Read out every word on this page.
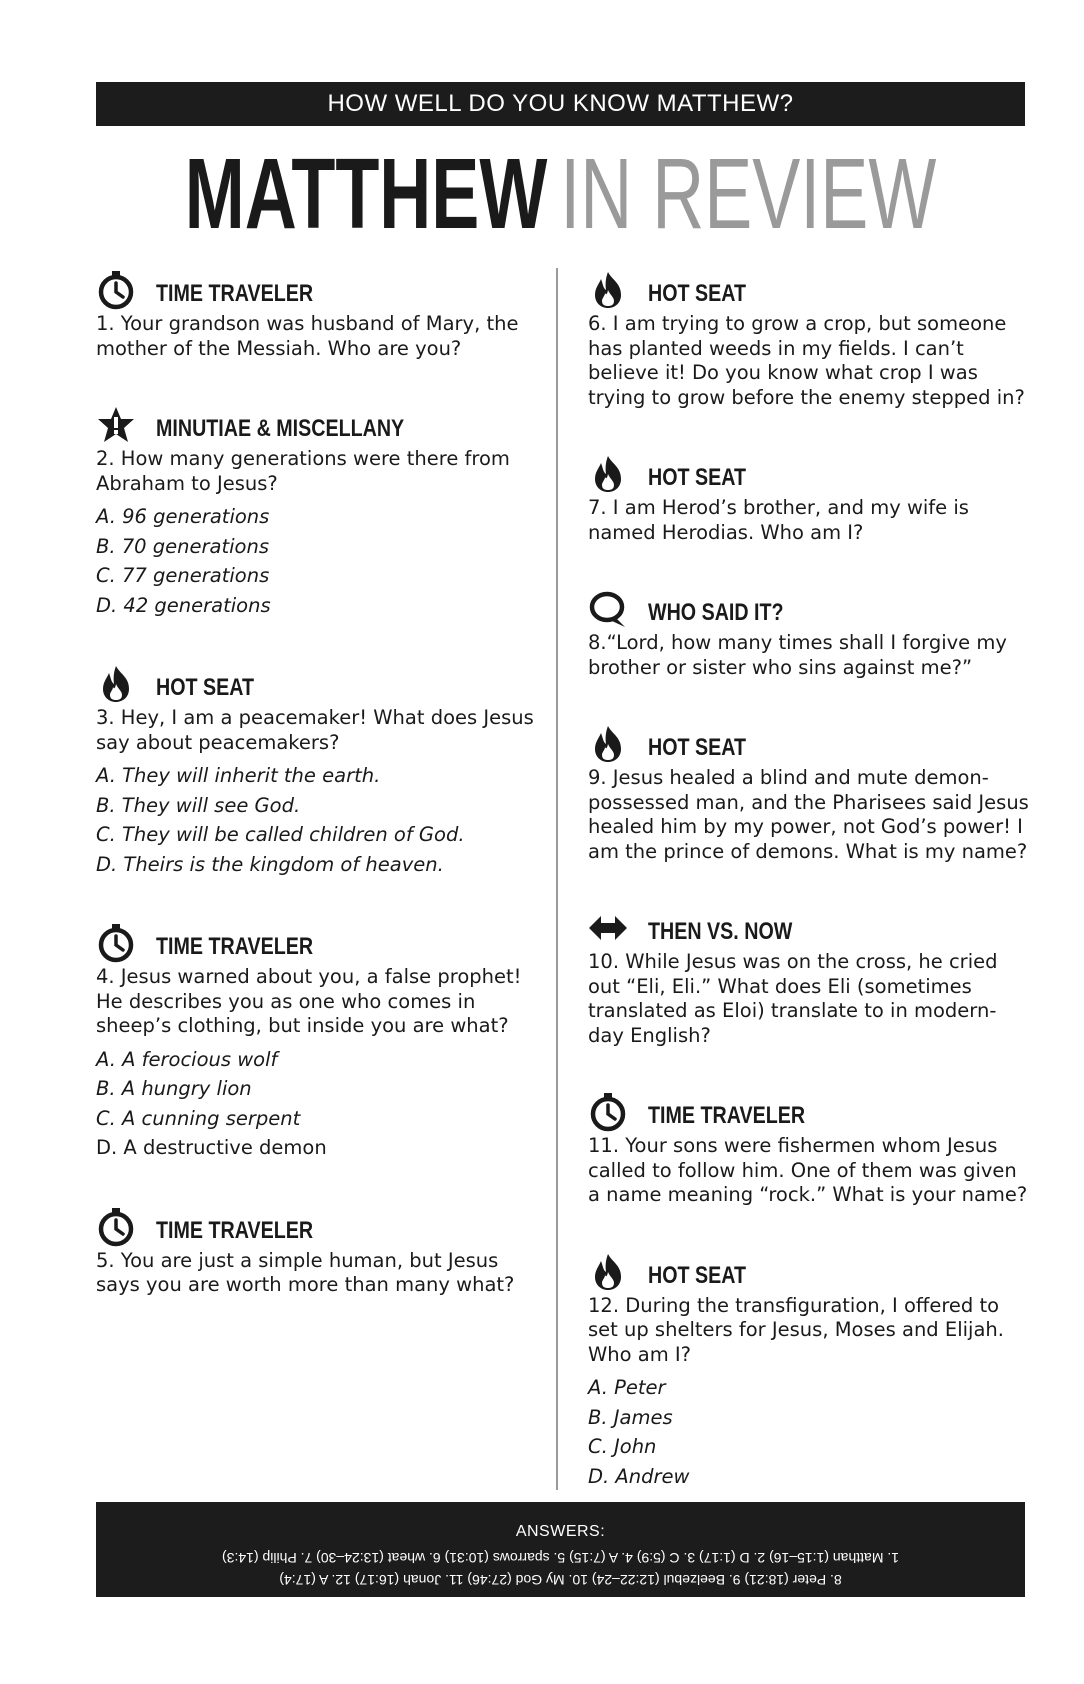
HOW WELL DO YOU KNOW MATTHEW?
MATTHEW IN REVIEW
TIME TRAVELER
1. Your grandson was husband of Mary, the mother of the Messiah. Who are you?
MINUTIAE & MISCELLANY
2. How many generations were there from Abraham to Jesus?
A. 96 generations
B. 70 generations
C. 77 generations
D. 42 generations
HOT SEAT
3. Hey, I am a peacemaker! What does Jesus say about peacemakers?
A. They will inherit the earth.
B. They will see God.
C. They will be called children of God.
D. Theirs is the kingdom of heaven.
TIME TRAVELER
4. Jesus warned about you, a false prophet! He describes you as one who comes in sheep’s clothing, but inside you are what?
A. A ferocious wolf
B. A hungry lion
C. A cunning serpent
D. A destructive demon
TIME TRAVELER
5. You are just a simple human, but Jesus says you are worth more than many what?
HOT SEAT
6. I am trying to grow a crop, but someone has planted weeds in my fields. I can’t believe it! Do you know what crop I was trying to grow before the enemy stepped in?
HOT SEAT
7. I am Herod’s brother, and my wife is named Herodias. Who am I?
WHO SAID IT?
8.“Lord, how many times shall I forgive my brother or sister who sins against me?”
HOT SEAT
9. Jesus healed a blind and mute demon-possessed man, and the Pharisees said Jesus healed him by my power, not God’s power! I am the prince of demons. What is my name?
THEN VS. NOW
10. While Jesus was on the cross, he cried out “Eli, Eli.” What does Eli (sometimes translated as Eloi) translate to in modern-day English?
TIME TRAVELER
11. Your sons were fishermen whom Jesus called to follow him. One of them was given a name meaning “rock.” What is your name?
HOT SEAT
12. During the transfiguration, I offered to set up shelters for Jesus, Moses and Elijah. Who am I?
A. Peter
B. James
C. John
D. Andrew
ANSWERS:
8. Peter (18:21) 9. Beelzebul (12:22–24) 10. My God (27:46) 11. Jonah (16:17) 12. A (17:4)
1. Matthan (1:15–16) 2. D (1:17) 3. C (5:9) 4. A (7:15) 5. sparrows (10:31) 6. wheat (13:24–30) 7. Philip (14:3)
